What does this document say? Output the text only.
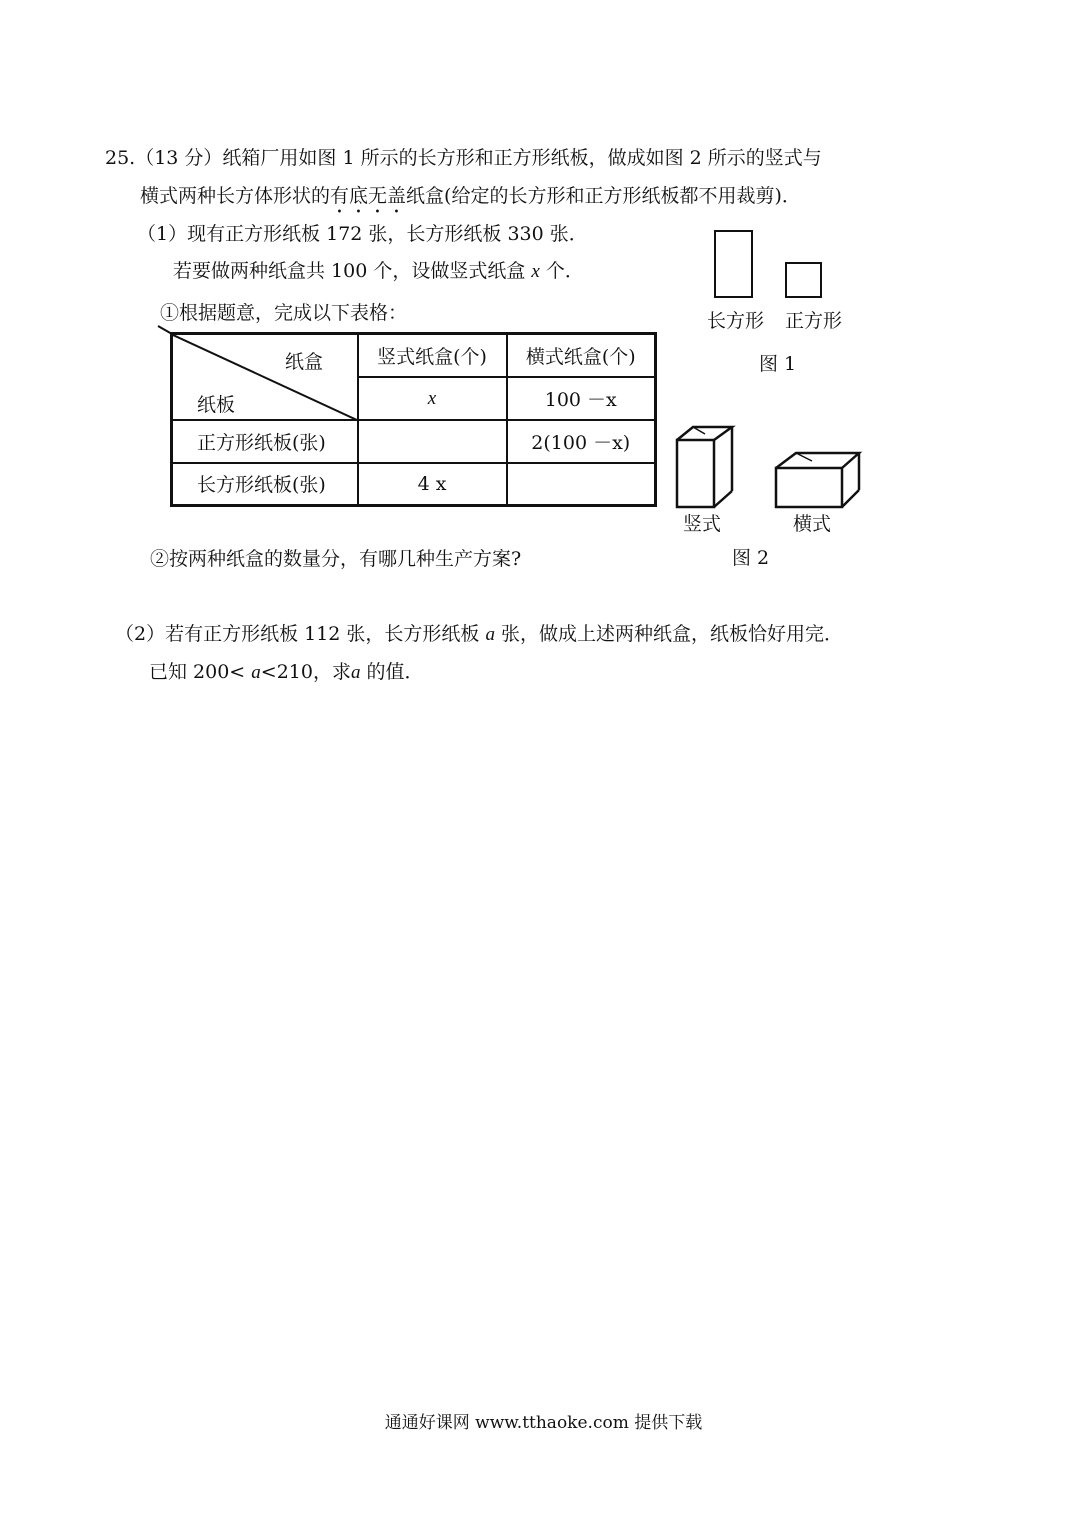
25.（13 分）纸箱厂用如图 1 所示的长方形和正方形纸板，做成如图 2 所示的竖式与
横式两种长方体形状的有底无盖纸盒(给定的长方形和正方形纸板都不用裁剪)．
（1）现有正方形纸板 172 张，长方形纸板 330 张．
若要做两种纸盒共 100 个，设做竖式纸盒 x 个．
①根据题意，完成以下表格：
纸盒
纸板	竖式纸盒(个)	横式纸盒(个)
	x	100 －x
正方形纸板(张)		2(100 －x)
长方形纸板(张)	4 x	
②按两种纸盒的数量分，有哪几种生产方案?
长方形 正方形
图 1
竖式	横式
图 2
（2）若有正方形纸板 112 张，长方形纸板 a 张，做成上述两种纸盒，纸板恰好用完．
已知 200< a<210，求a 的值．
通通好课网 www.tthaoke.com 提供下载
